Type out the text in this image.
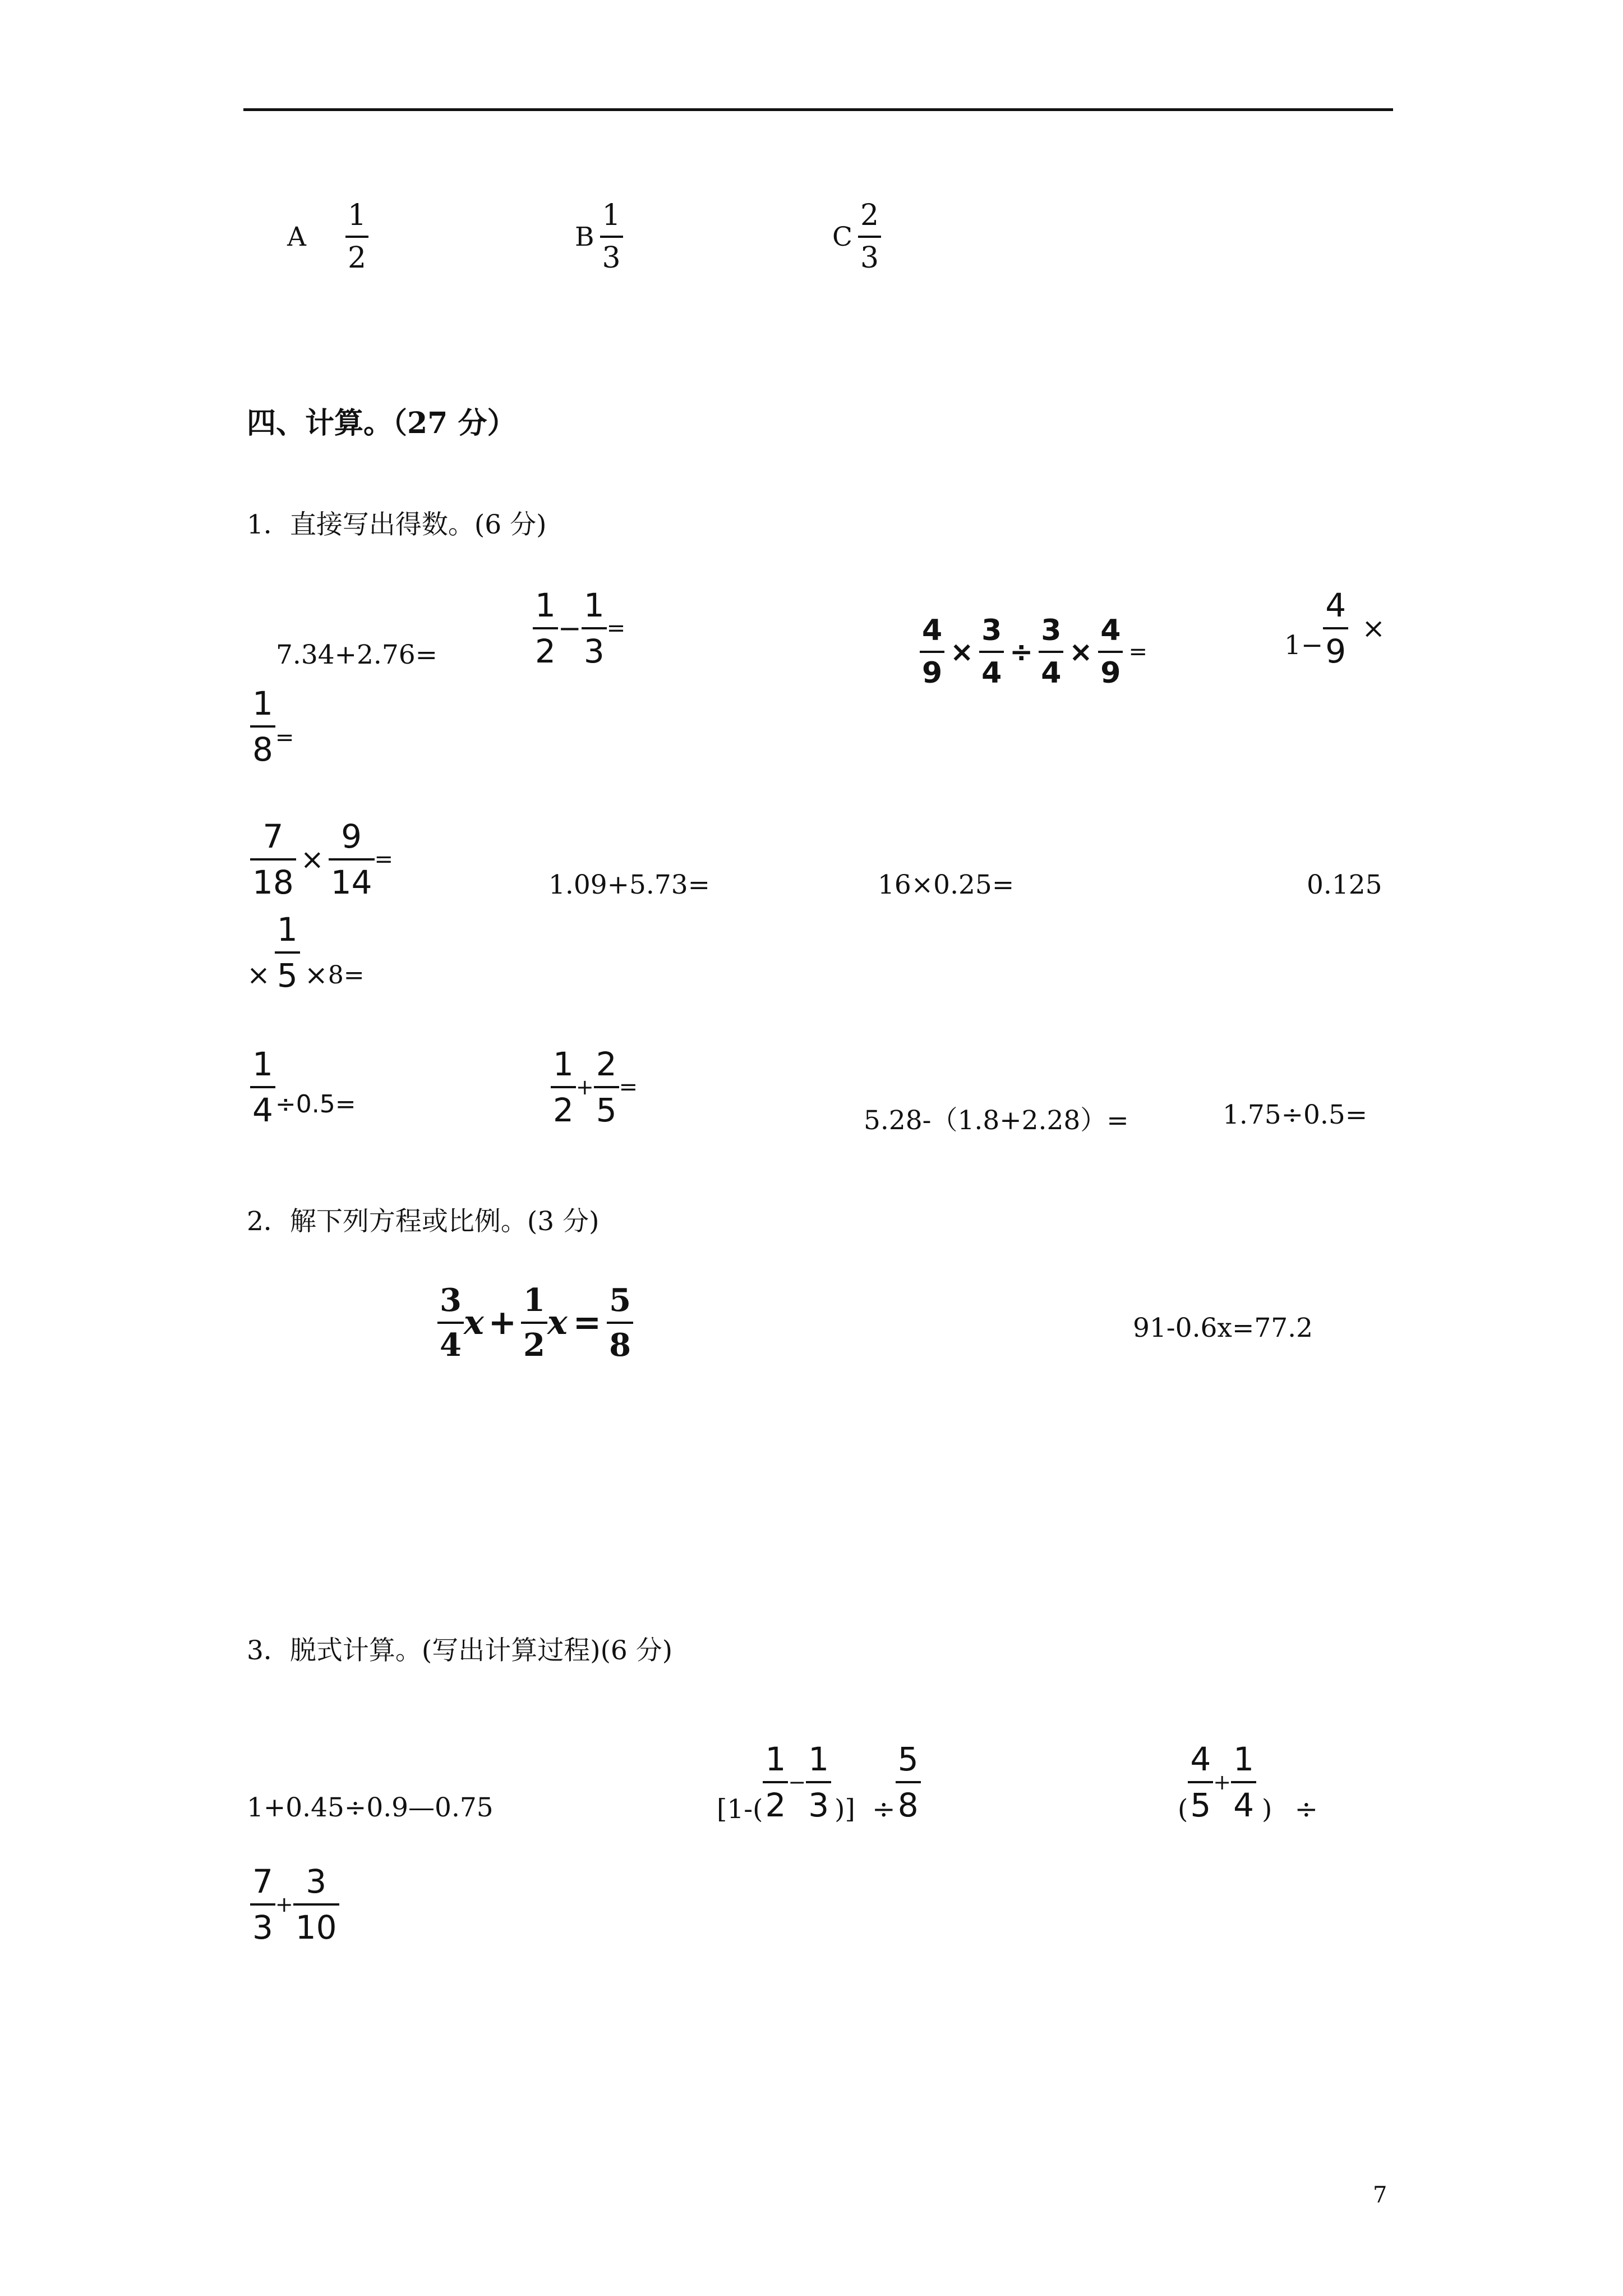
A $\frac{1}{2}$	B $\frac{1}{3}$	C $\frac{2}{3}$
四、计算。（27 分）
1．直接写出得数。(6 分)
7.34+2.76=	$\frac{1}{2} - \frac{1}{3}$ =	$\frac{4}{9} \times \frac{3}{4} \div \frac{3}{4} \times \frac{4}{9}$ =	$1- \frac{4}{9}$ ×
$\frac{1}{8}$ =
$\frac{7}{18} \times \frac{9}{14}$ =
1.09+5.73=	16×0.25=	0.125
× $\frac{1}{5} \times 8=$
$\frac{1}{4} \div 0.5=$	$\frac{1}{2} + \frac{2}{5}$ =
5.28-（1.8+2.28）=	1.75÷0.5=
2．解下列方程或比例。(3 分)
$\frac{3}{4}$ $x + \frac{1}{2}$ $x = \frac{5}{8}$	91-0.6x=77.2
3．脱式计算。(写出计算过程)(6 分)
1+0.45÷0.9—0.75	[$1-( \frac{1}{2} - \frac{1}{3}$ )] ÷ $\frac{5}{8}$	( $\frac{4}{5} + \frac{1}{4}$ ) ÷
$\frac{7}{3} + \frac{3}{10}$
7
